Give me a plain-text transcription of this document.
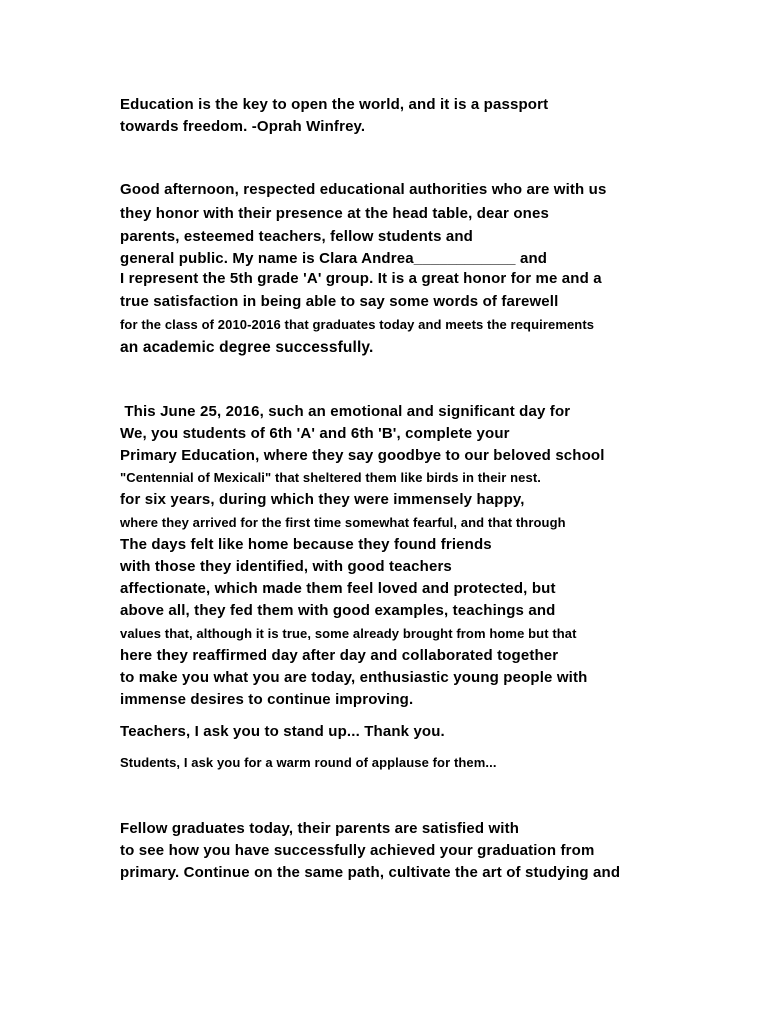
Education is the key to open the world, and it is a passport

towards freedom. -Oprah Winfrey.

Good afternoon, respected educational authorities who are with us

they honor with their presence at the head table, dear ones

parents, esteemed teachers, fellow students and

general public. My name is Clara Andrea____________ and

I represent the 5th grade 'A' group. It is a great honor for me and a

true satisfaction in being able to say some words of farewell

for the class of 2010-2016 that graduates today and meets the requirements

an academic degree successfully.

This June 25, 2016, such an emotional and significant day for

We, you students of 6th 'A' and 6th 'B', complete your

Primary Education, where they say goodbye to our beloved school

"Centennial of Mexicali" that sheltered them like birds in their nest.

for six years, during which they were immensely happy,

where they arrived for the first time somewhat fearful, and that through

The days felt like home because they found friends

with those they identified, with good teachers

affectionate, which made them feel loved and protected, but

above all, they fed them with good examples, teachings and

values that, although it is true, some already brought from home but that

here they reaffirmed day after day and collaborated together

to make you what you are today, enthusiastic young people with

immense desires to continue improving.

Teachers, I ask you to stand up... Thank you.

Students, I ask you for a warm round of applause for them...

Fellow graduates today, their parents are satisfied with

to see how you have successfully achieved your graduation from

primary. Continue on the same path, cultivate the art of studying and
